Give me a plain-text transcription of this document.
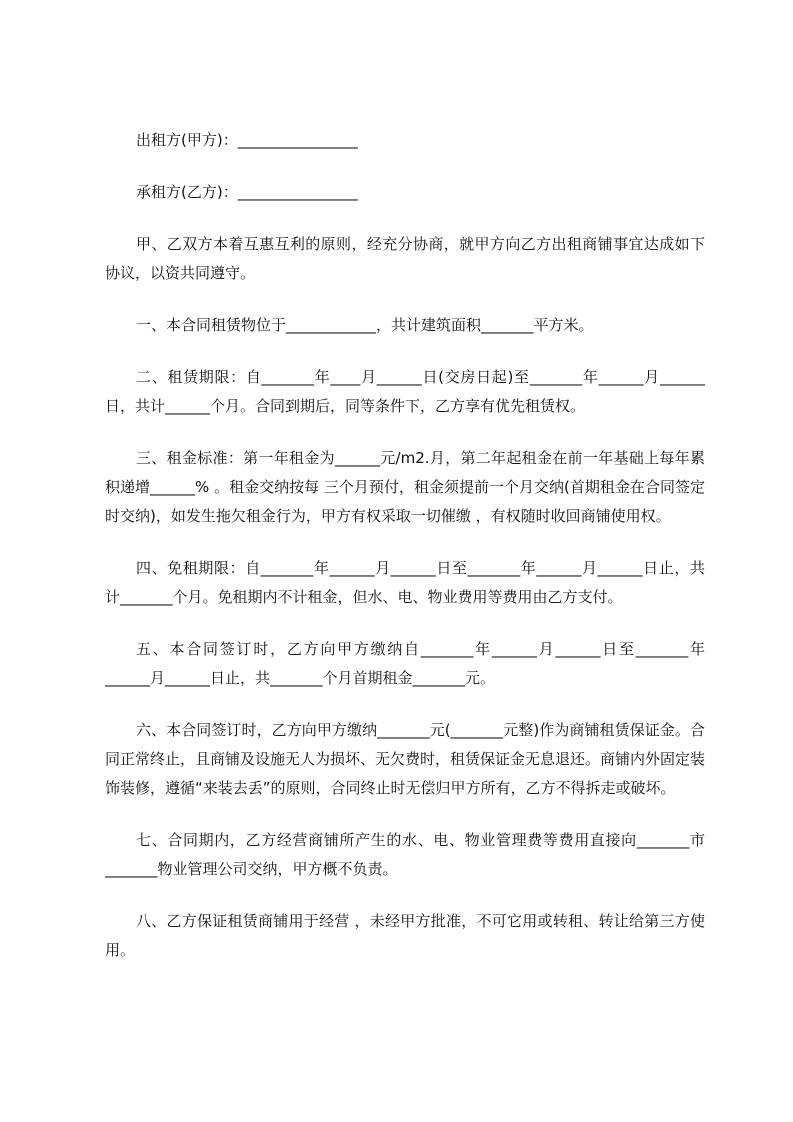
出租方(甲方)：________________

承租方(乙方)：________________

甲、乙双方本着互惠互利的原则，经充分协商，就甲方向乙方出租商铺事宜达成如下协议，以资共同遵守。

一、本合同租赁物位于____________，共计建筑面积_______平方米。

二、租赁期限：自_______年____月______日(交房日起)至_______年______月______日，共计______个月。合同到期后，同等条件下，乙方享有优先租赁权。

三、租金标准：第一年租金为______元/m2.月，第二年起租金在前一年基础上每年累积递增______% 。租金交纳按每 三个月预付，租金须提前一个月交纳(首期租金在合同签定时交纳)，如发生拖欠租金行为，甲方有权采取一切催缴 ，有权随时收回商铺使用权。

四、免租期限：自_______年______月______日至_______年______月______日止，共计_______个月。免租期内不计租金，但水、电、物业费用等费用由乙方支付。

五、本合同签订时，乙方向甲方缴纳自_______年______月______日至_______年______月______日止，共_______个月首期租金_______元。

六、本合同签订时，乙方向甲方缴纳_______元(_______元整)作为商铺租赁保证金。合同正常终止，且商铺及设施无人为损坏、无欠费时，租赁保证金无息退还。商铺内外固定装饰装修，遵循“来装去丢”的原则，合同终止时无偿归甲方所有，乙方不得拆走或破坏。

七、合同期内，乙方经营商铺所产生的水、电、物业管理费等费用直接向_______市_______物业管理公司交纳，甲方概不负责。

八、乙方保证租赁商铺用于经营 ，未经甲方批准，不可它用或转租、转让给第三方使用。
